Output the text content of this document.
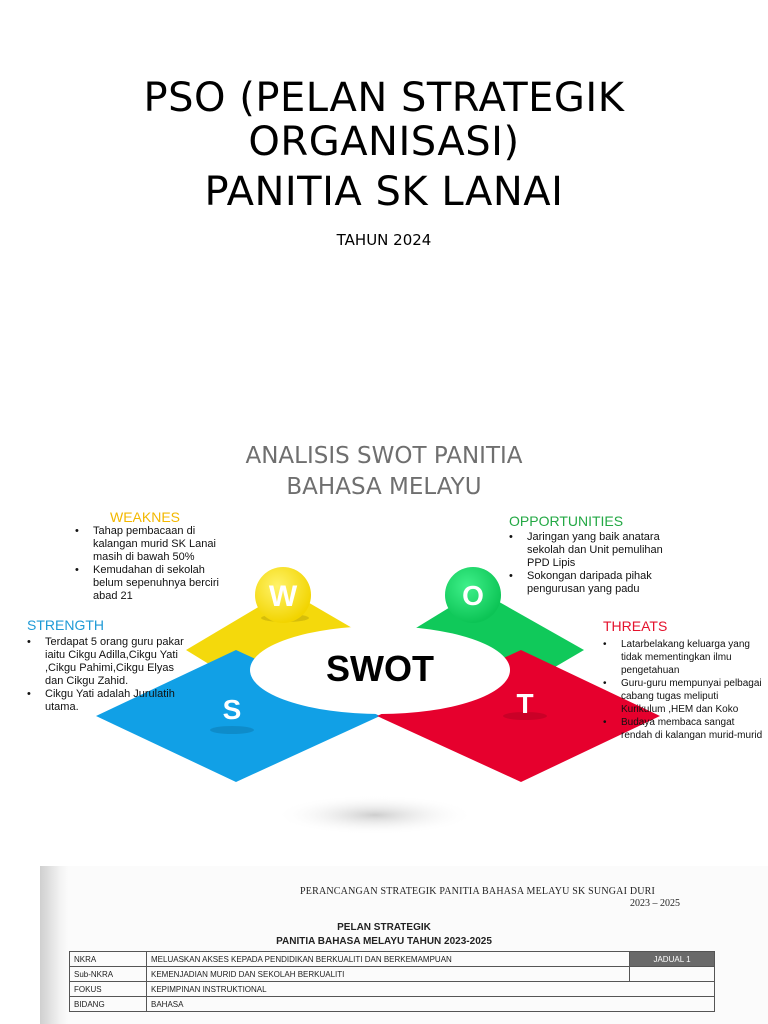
PSO (PELAN STRATEGIK
ORGANISASI)
PANITIA SK LANAI
TAHUN 2024
ANALISIS SWOT PANITIA
BAHASA MELAYU
W	O
S	T
SWOT
WEAKNES
• Tahap pembacaan di kalangan murid SK Lanai masih di bawah 50%
• Kemudahan di sekolah belum sepenuhnya berciri abad 21
OPPORTUNITIES
• Jaringan yang baik anatara sekolah dan Unit pemulihan PPD Lipis
• Sokongan daripada pihak pengurusan yang padu
STRENGTH
• Terdapat 5 orang guru pakar iaitu Cikgu Adilla,Cikgu Yati ,Cikgu Pahimi,Cikgu Elyas dan Cikgu Zahid.
• Cikgu Yati adalah Jurulatih utama.
THREATS
• Latarbelakang keluarga yang tidak mementingkan ilmu pengetahuan
• Guru-guru mempunyai pelbagai cabang tugas meliputi Kurikulum ,HEM dan Koko
• Budaya membaca sangat rendah di kalangan murid-murid
PERANCANGAN STRATEGIK PANITIA BAHASA MELAYU SK SUNGAI DURI
2023 – 2025
PELAN STRATEGIK
PANITIA BAHASA MELAYU TAHUN 2023-2025
NKRA	MELUASKAN AKSES KEPADA PENDIDIKAN BERKUALITI DAN BERKEMAMPUAN	JADUAL 1
Sub-NKRA	KEMENJADIAN MURID DAN SEKOLAH BERKUALITI	
FOKUS	KEPIMPINAN INSTRUKTIONAL	
BIDANG	BAHASA	
